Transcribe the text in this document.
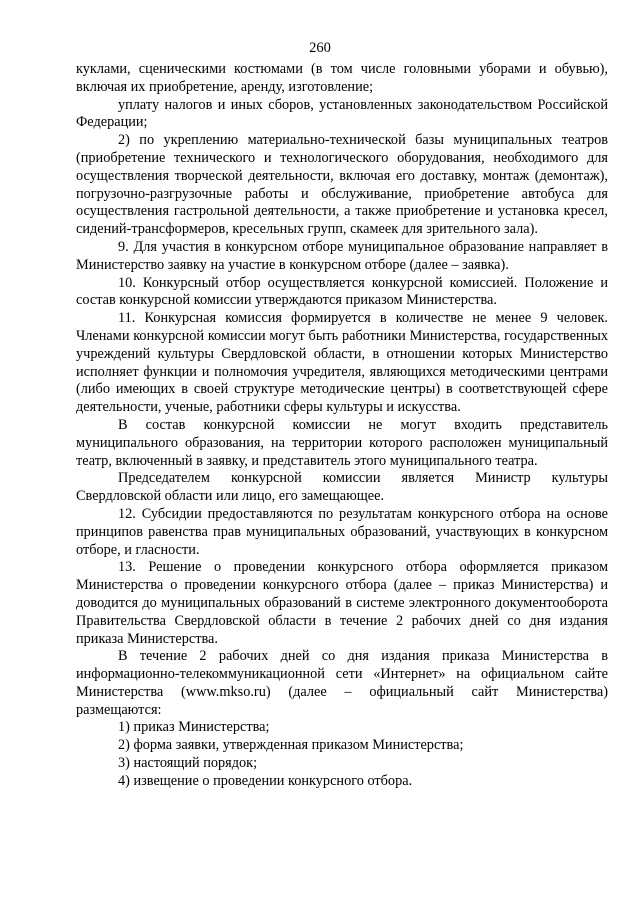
260

куклами, сценическими костюмами (в том числе головными уборами и обувью), включая их приобретение, аренду, изготовление;

уплату налогов и иных сборов, установленных законодательством Российской Федерации;

2) по укреплению материально-технической базы муниципальных театров (приобретение технического и технологического оборудования, необходимого для осуществления творческой деятельности, включая его доставку, монтаж (демонтаж), погрузочно-разгрузочные работы и обслуживание, приобретение автобуса для осуществления гастрольной деятельности, а также приобретение и установка кресел, сидений-трансформеров, кресельных групп, скамеек для зрительного зала).

9. Для участия в конкурсном отборе муниципальное образование направляет в Министерство заявку на участие в конкурсном отборе (далее – заявка).

10. Конкурсный отбор осуществляется конкурсной комиссией. Положение и состав конкурсной комиссии утверждаются приказом Министерства.

11. Конкурсная комиссия формируется в количестве не менее 9 человек. Членами конкурсной комиссии могут быть работники Министерства, государственных учреждений культуры Свердловской области, в отношении которых Министерство исполняет функции и полномочия учредителя, являющихся методическими центрами (либо имеющих в своей структуре методические центры) в соответствующей сфере деятельности, ученые, работники сферы культуры и искусства.

В состав конкурсной комиссии не могут входить представитель муниципального образования, на территории которого расположен муниципальный театр, включенный в заявку, и представитель этого муниципального театра.

Председателем конкурсной комиссии является Министр культуры Свердловской области или лицо, его замещающее.

12. Субсидии предоставляются по результатам конкурсного отбора на основе принципов равенства прав муниципальных образований, участвующих в конкурсном отборе, и гласности.

13. Решение о проведении конкурсного отбора оформляется приказом Министерства о проведении конкурсного отбора (далее – приказ Министерства) и доводится до муниципальных образований в системе электронного документооборота Правительства Свердловской области в течение 2 рабочих дней со дня издания приказа Министерства.

В течение 2 рабочих дней со дня издания приказа Министерства в информационно-телекоммуникационной сети «Интернет» на официальном сайте Министерства (www.mkso.ru) (далее – официальный сайт Министерства) размещаются:

1) приказ Министерства;

2) форма заявки, утвержденная приказом Министерства;

3) настоящий порядок;

4) извещение о проведении конкурсного отбора.
